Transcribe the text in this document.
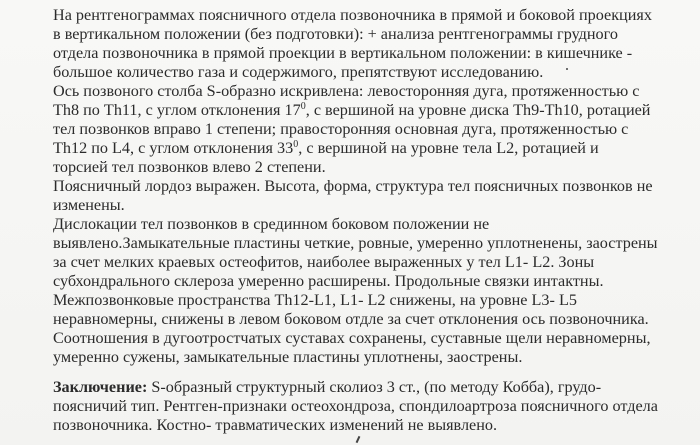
На рентгенограммах поясничного отдела позвоночника в прямой и боковой проекциях
в вертикальном положении (без подготовки): + анализа рентгенограммы грудного
отдела позвоночника в прямой проекции в вертикальном положении: в кишечнике -
большое количество газа и содержимого, препятствуют исследованию.
Ось позвоного столба S-образно искривлена: левосторонняя дуга, протяженностью с
Th8 по Th11, с углом отклонения $17^0$, с вершиной на уровне диска Th9-Th10, ротацией
тел позвонков вправо 1 степени; правосторонняя основная дуга, протяженностью с
Th12 по L4, с углом отклонения $33^0$, с вершиной на уровне тела L2, ротацией и
торсией тел позвонков влево 2 степени.
Поясничный лордоз выражен. Высота, форма, структура тел поясничных позвонков не
изменены.
Дислокации тел позвонков в срединном боковом положении не
выявлено.Замыкательные пластины четкие, ровные, умеренно уплотненены, заострены
за счет мелких краевых остеофитов, наиболее выраженных у тел L1- L2. Зоны
субхондрального склероза умеренно расширены. Продольные связки интактны.
Межпозвонковые пространства Th12-L1, L1- L2 снижены, на уровне L3- L5
неравномерны, снижены в левом боковом отдле за счет отклонения ось позвоночника.
Соотношения в дугоотростчатых суставах сохранены, суставные щели неравномерны,
умеренно сужены, замыкательные пластины уплотнены, заострены.
Заключение: S-образный структурный сколиоз 3 ст., (по методу Кобба), грудо-
поясничий тип. Рентген-признаки остеохондроза, спондилоартроза поясничного отдела
позвоночника. Костно- травматических изменений не выявлено.
